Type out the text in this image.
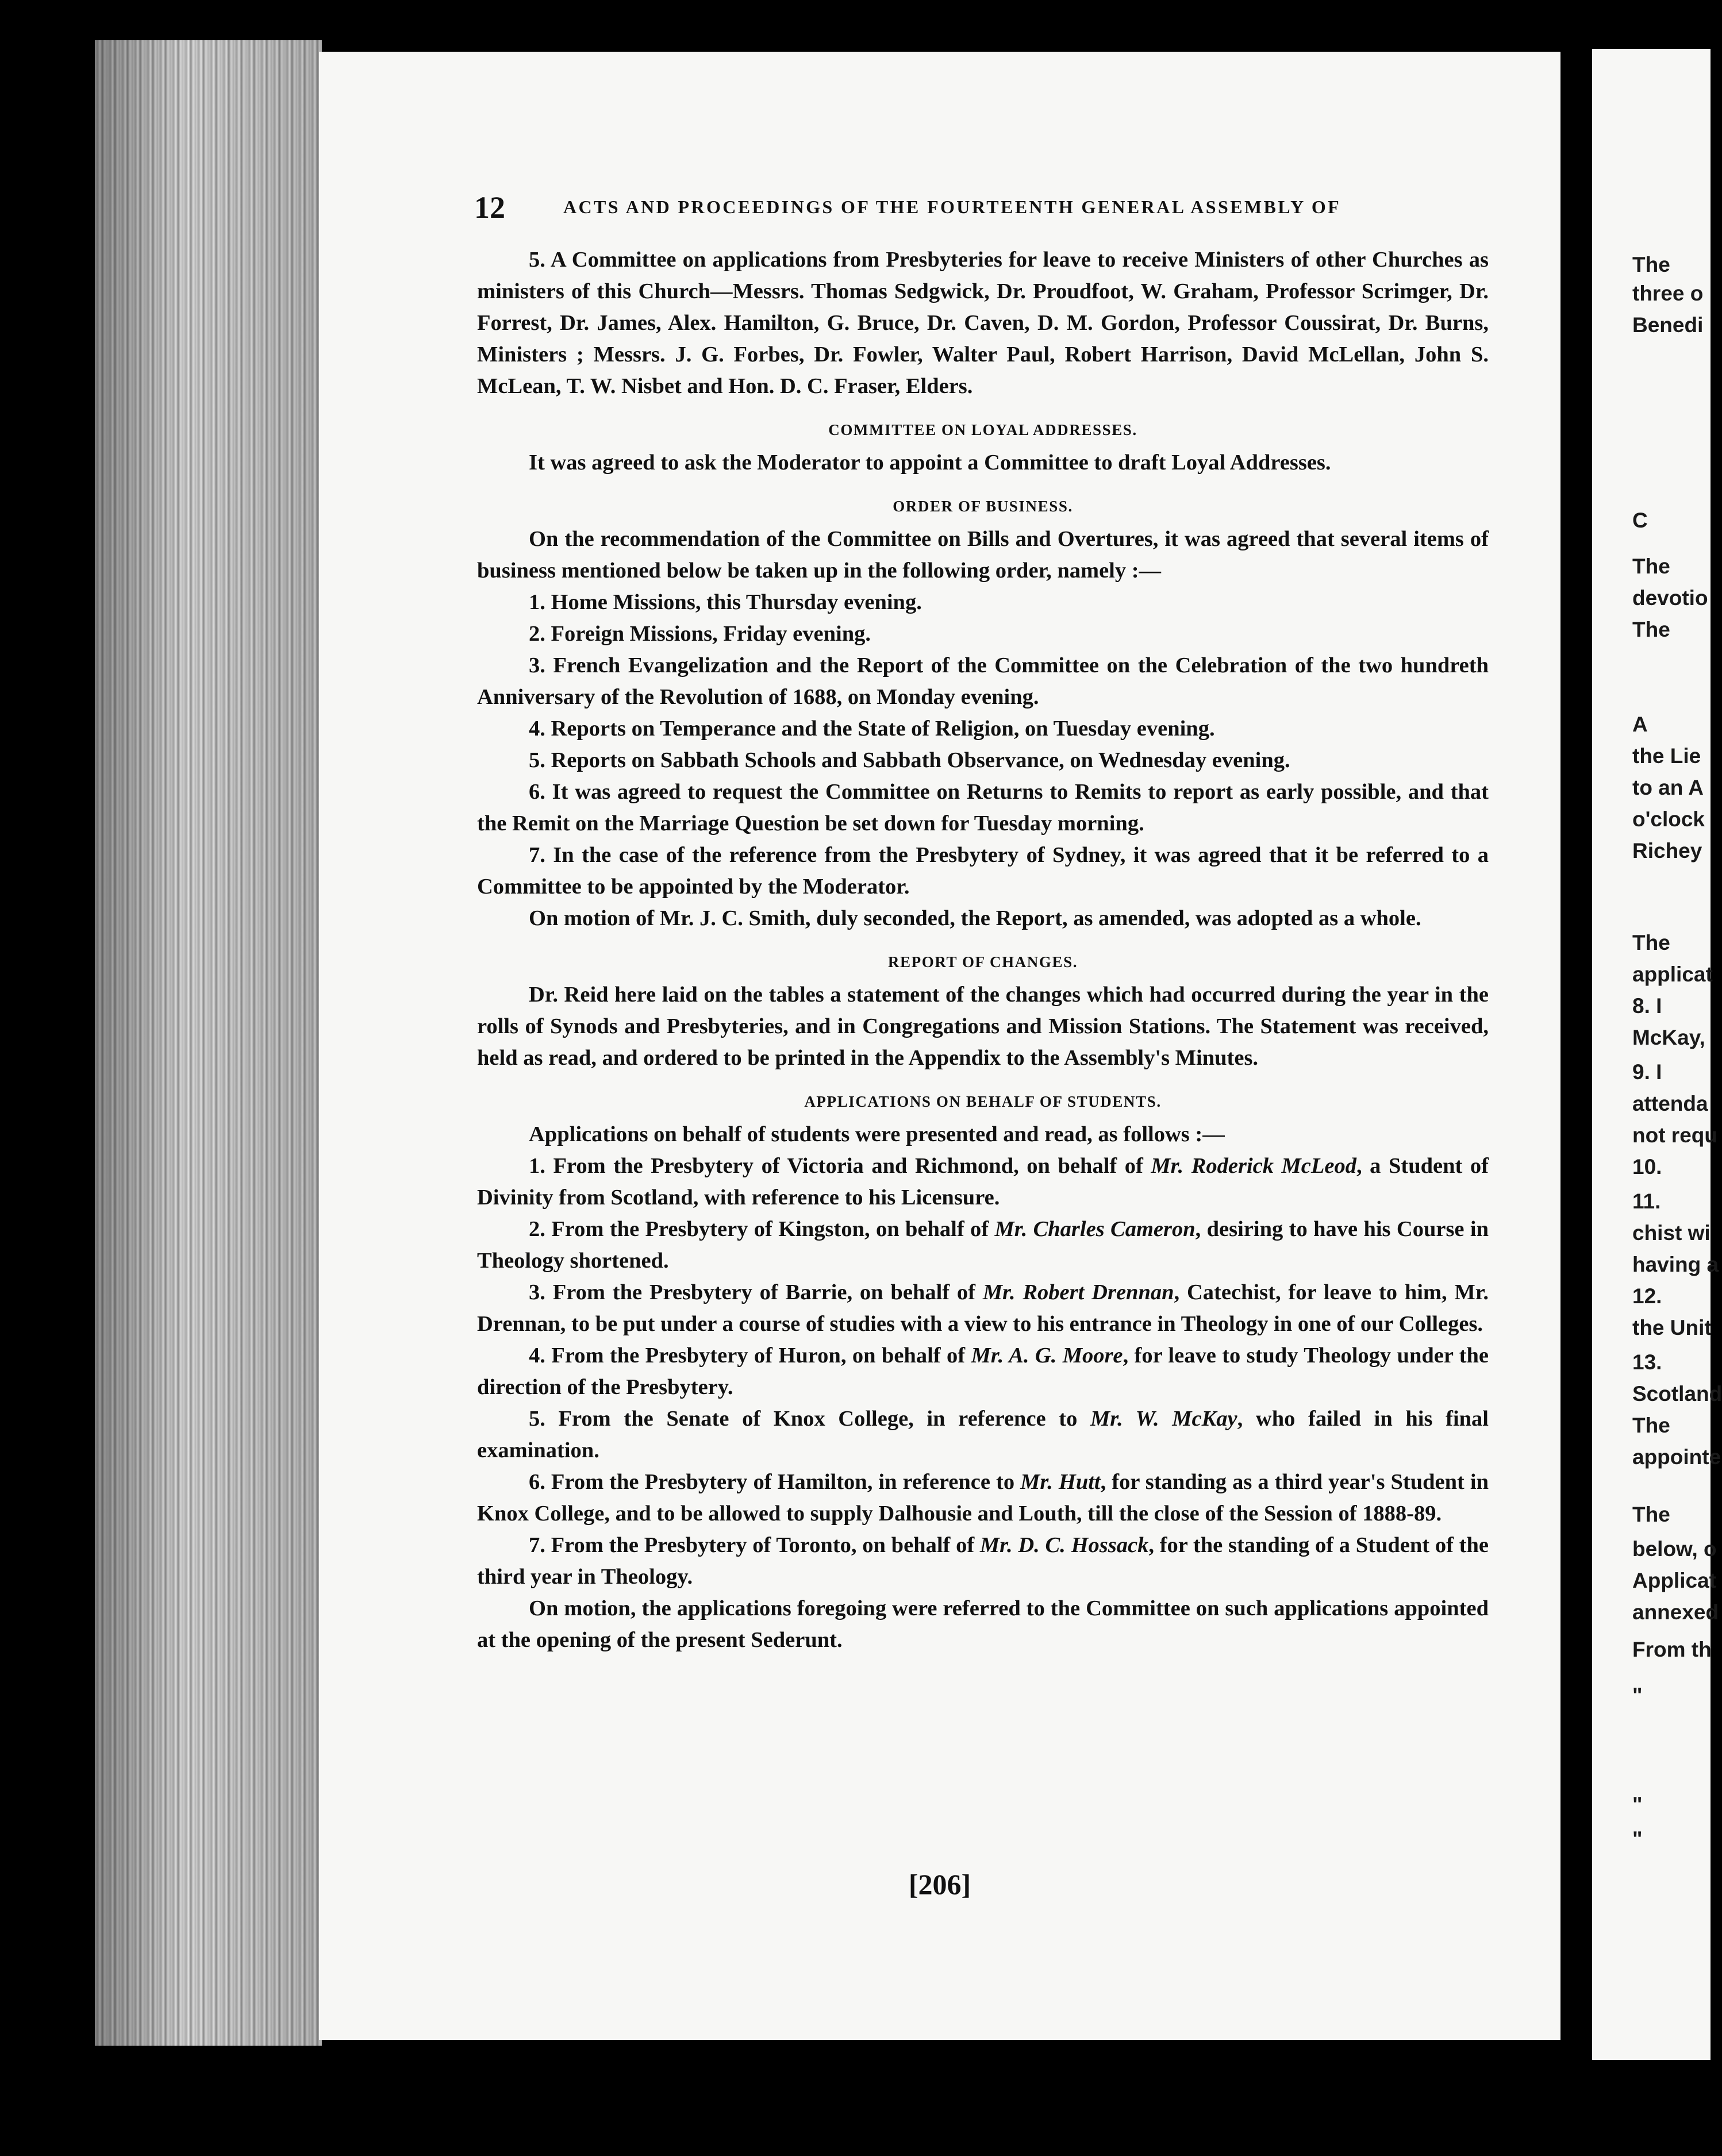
12	ACTS AND PROCEEDINGS OF THE FOURTEENTH GENERAL ASSEMBLY OF

5. A Committee on applications from Presbyteries for leave to receive Ministers of other Churches as ministers of this Church—Messrs. Thomas Sedgwick, Dr. Proudfoot, W. Graham, Professor Scrimger, Dr. Forrest, Dr. James, Alex. Hamilton, G. Bruce, Dr. Caven, D. M. Gordon, Professor Coussirat, Dr. Burns, Ministers ; Messrs. J. G. Forbes, Dr. Fowler, Walter Paul, Robert Harrison, David McLellan, John S. McLean, T. W. Nisbet and Hon. D. C. Fraser, Elders.

COMMITTEE ON LOYAL ADDRESSES.

It was agreed to ask the Moderator to appoint a Committee to draft Loyal Addresses.

ORDER OF BUSINESS.

On the recommendation of the Committee on Bills and Overtures, it was agreed that several items of business mentioned below be taken up in the following order, namely :—

1. Home Missions, this Thursday evening.

2. Foreign Missions, Friday evening.

3. French Evangelization and the Report of the Committee on the Celebration of the two hundreth Anniversary of the Revolution of 1688, on Monday evening.

4. Reports on Temperance and the State of Religion, on Tuesday evening.

5. Reports on Sabbath Schools and Sabbath Observance, on Wednesday evening.

6. It was agreed to request the Committee on Returns to Remits to report as early possible, and that the Remit on the Marriage Question be set down for Tuesday morning.

7. In the case of the reference from the Presbytery of Sydney, it was agreed that it be referred to a Committee to be appointed by the Moderator.

On motion of Mr. J. C. Smith, duly seconded, the Report, as amended, was adopted as a whole.

REPORT OF CHANGES.

Dr. Reid here laid on the tables a statement of the changes which had occurred during the year in the rolls of Synods and Presbyteries, and in Congregations and Mission Stations. The Statement was received, held as read, and ordered to be printed in the Appendix to the Assembly's Minutes.

APPLICATIONS ON BEHALF OF STUDENTS.

Applications on behalf of students were presented and read, as follows :—

1. From the Presbytery of Victoria and Richmond, on behalf of Mr. Roderick McLeod, a Student of Divinity from Scotland, with reference to his Licensure.

2. From the Presbytery of Kingston, on behalf of Mr. Charles Cameron, desiring to have his Course in Theology shortened.

3. From the Presbytery of Barrie, on behalf of Mr. Robert Drennan, Catechist, for leave to him, Mr. Drennan, to be put under a course of studies with a view to his entrance in Theology in one of our Colleges.

4. From the Presbytery of Huron, on behalf of Mr. A. G. Moore, for leave to study Theology under the direction of the Presbytery.

5. From the Senate of Knox College, in reference to Mr. W. McKay, who failed in his final examination.

6. From the Presbytery of Hamilton, in reference to Mr. Hutt, for standing as a third year's Student in Knox College, and to be allowed to supply Dalhousie and Louth, till the close of the Session of 1888-89.

7. From the Presbytery of Toronto, on behalf of Mr. D. C. Hossack, for the standing of a Student of the third year in Theology.

On motion, the applications foregoing were referred to the Committee on such applications appointed at the opening of the present Sederunt.

[206]
The
three o
Benedi
C
The
devotio
The
A
the Lie
to an A
o'clock
Richey
The
applicat
8. I
McKay,
9. I
attenda
not requ
10.
11.
chist wi
having a
12.
the Unit
13.
Scotland
The
appointe
The
below, o
Applicat
annexed
From th
"
"
"
